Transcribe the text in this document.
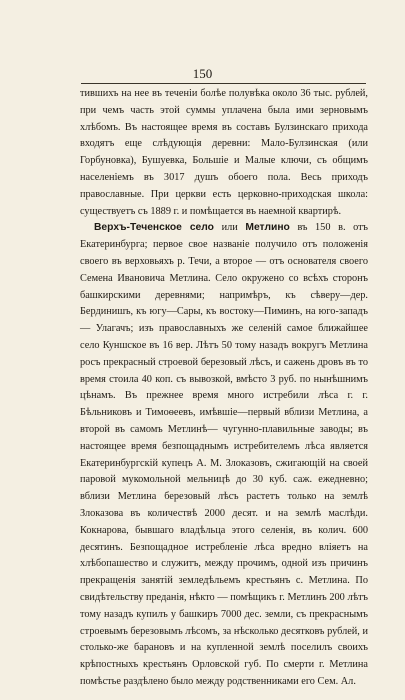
150

тившихъ на нее въ теченіи болѣе полувѣка около 36 тыс. рублей, при чемъ часть этой суммы уплачена была ими зерновымъ хлѣбомъ. Въ настоящее время въ составъ Булзинскаго прихода входятъ еще слѣдующія деревни: Мало-Булзинская (или Горбуновка), Бушуевка, Большіе и Малые ключи, съ общимъ населеніемъ въ 3017 душъ обоего пола. Весь приходъ православные. При церкви есть церковно-приходская школа: существуетъ съ 1889 г. и помѣщается въ наемной квартирѣ.

Верхъ-Теченское село или Метлино въ 150 в. отъ Екатеринбурга; первое свое названіе получило отъ положенія своего въ верховьяхъ р. Течи, а второе — отъ основателя своего Семена Ивановича Метлина. Село окружено со всѣхъ сторонъ башкирскими деревнями; напримѣръ, къ сѣверу—дер. Бердинишъ, къ югу—Сары, къ востоку—Пиминъ, на юго-западъ — Улагачъ; изъ православныхъ же селеній самое ближайшее село Куншское въ 16 вер. Лѣтъ 50 тому назадъ вокругъ Метлина росъ прекрасный строевой березовый лѣсъ, и сажень дровъ въ то время стоила 40 коп. съ вывозкой, вмѣсто 3 руб. по нынѣшнимъ цѣнамъ. Въ прежнее время много истребили лѣса г. г. Бѣльниковъ и Тимоѳеевъ, имѣвшіе—первый вблизи Метлина, а второй въ самомъ Метлинѣ— чугунно-плавильные заводы; въ настоящее время безпощаднымъ истребителемъ лѣса является Екатеринбургскій купецъ А. М. Злоказовъ, сжигающій на своей паровой мукомольной мельницѣ до 30 куб. саж. ежедневно; вблизи Метлина березовый лѣсъ растетъ только на землѣ Злоказова въ количествѣ 2000 десят. и на землѣ маслѣди. Кокнарова, бывшаго владѣльца этого селенія, въ колич. 600 десятинъ. Безпощадное истребленіе лѣса вредно вліяетъ на хлѣбопашество и служитъ, между прочимъ, одной изъ причинъ прекращенія занятій земледѣльемъ крестьянъ с. Метлина. По свидѣтельству преданія, нѣкто — помѣщикъ г. Метлинъ 200 лѣтъ тому назадъ купилъ у башкиръ 7000 дес. земли, съ прекраснымъ строевымъ березовымъ лѣсомъ, за нѣсколько десятковъ рублей, и столько-же барановъ и на купленной землѣ поселилъ своихъ крѣпостныхъ крестьянъ Орловской губ. По смерти г. Метлина помѣстье раздѣлено было между родственниками его Сем. Ал.
